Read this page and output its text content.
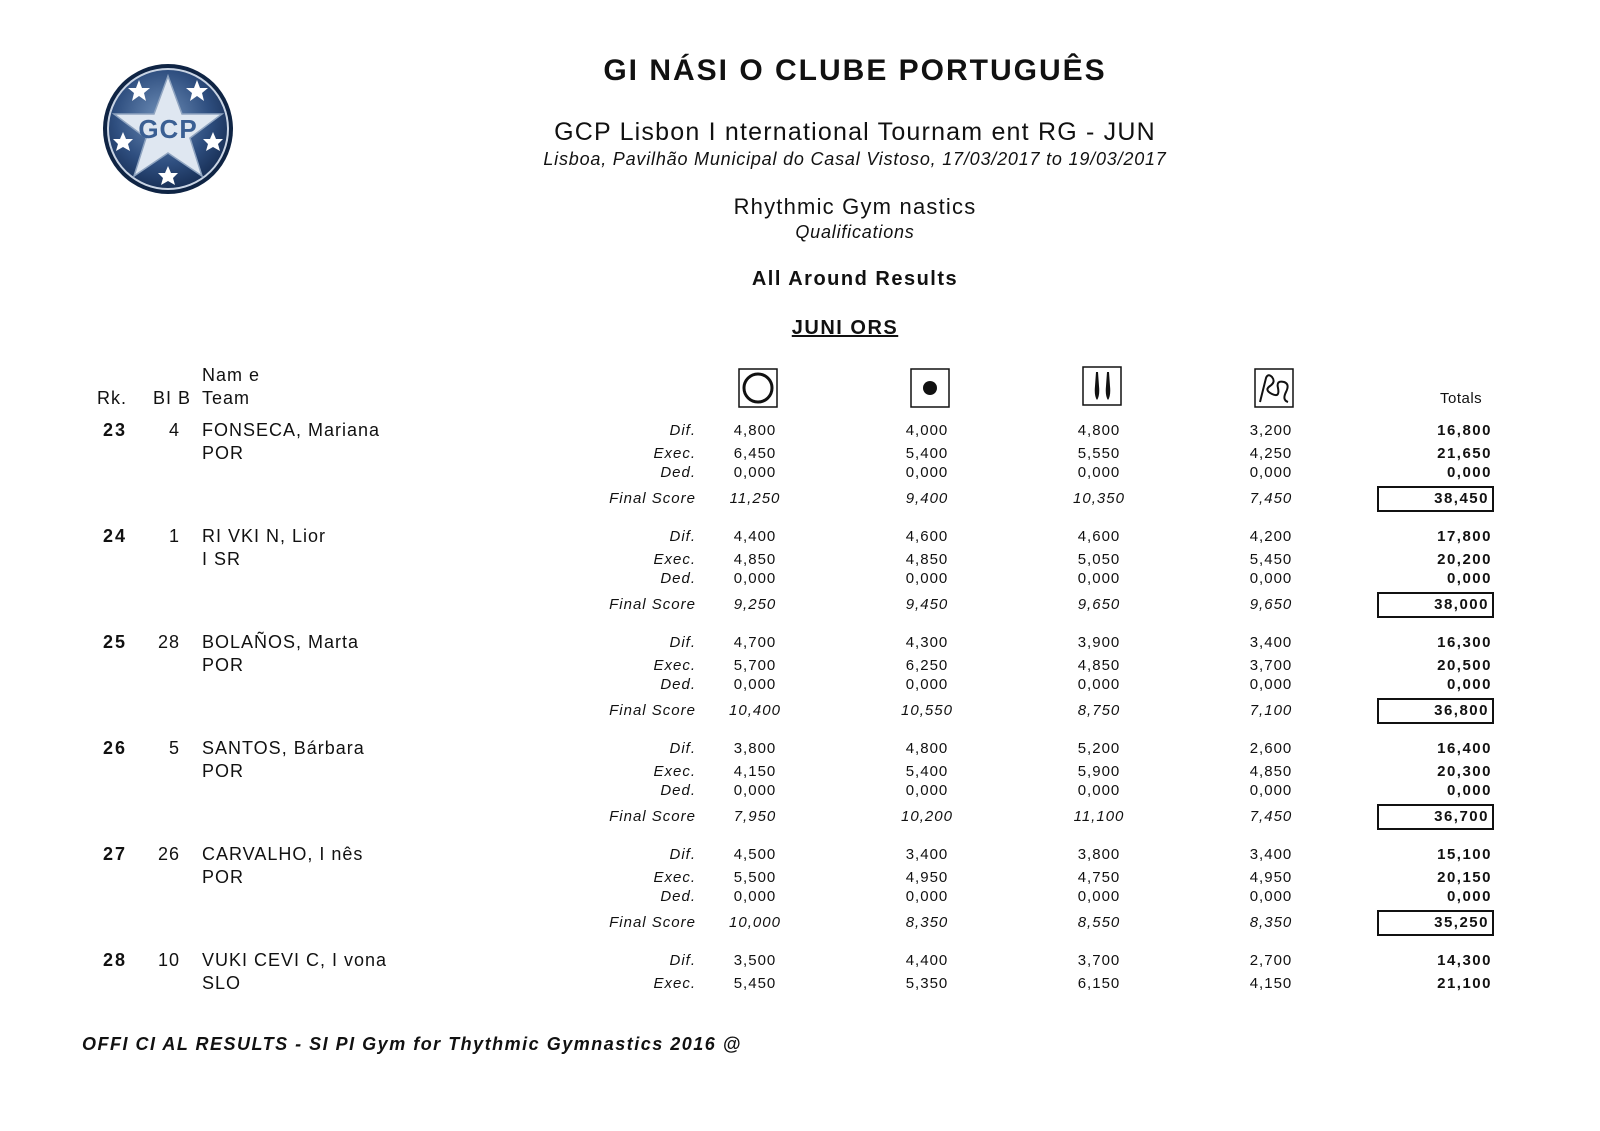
GCP
GI NÁSI O CLUBE PORTUGUÊS
GCP Lisbon I nternational Tournam ent RG - JUN
Lisboa, Pavilhão Municipal do Casal Vistoso, 17/03/2017 to 19/03/2017
Rhythmic Gym nastics
Qualifications
All Around Results
JUNI ORS
Rk. BI B
Nam e
Team	Totals
23	4 FONSECA, Mariana
POR
Dif.	4,800	4,000	4,800	3,200	16,800
Exec.	6,450	5,400	5,550	4,250	21,650
Ded.	0,000	0,000	0,000	0,000	0,000
Final Score	11,250	9,400	10,350	7,450	38,450
24	1 RI VKI N, Lior
I SR
Dif.	4,400	4,600	4,600	4,200	17,800
Exec.	4,850	4,850	5,050	5,450	20,200
Ded.	0,000	0,000	0,000	0,000	0,000
Final Score	9,250	9,450	9,650	9,650	38,000
25	28 BOLAÑOS, Marta
POR
Dif.	4,700	4,300	3,900	3,400	16,300
Exec.	5,700	6,250	4,850	3,700	20,500
Ded.	0,000	0,000	0,000	0,000	0,000
Final Score	10,400	10,550	8,750	7,100	36,800
26	5 SANTOS, Bárbara
POR
Dif.	3,800	4,800	5,200	2,600	16,400
Exec.	4,150	5,400	5,900	4,850	20,300
Ded.	0,000	0,000	0,000	0,000	0,000
Final Score	7,950	10,200	11,100	7,450	36,700
27	26 CARVALHO, I nês
POR
Dif.	4,500	3,400	3,800	3,400	15,100
Exec.	5,500	4,950	4,750	4,950	20,150
Ded.	0,000	0,000	0,000	0,000	0,000
Final Score	10,000	8,350	8,550	8,350	35,250
28	10 VUKI CEVI C, I vona
SLO
Dif.	3,500	4,400	3,700	2,700	14,300
Exec.	5,450	5,350	6,150	4,150	21,100
OFFI CI AL RESULTS - SI PI Gym for Thythmic Gymnastics 2016 @
